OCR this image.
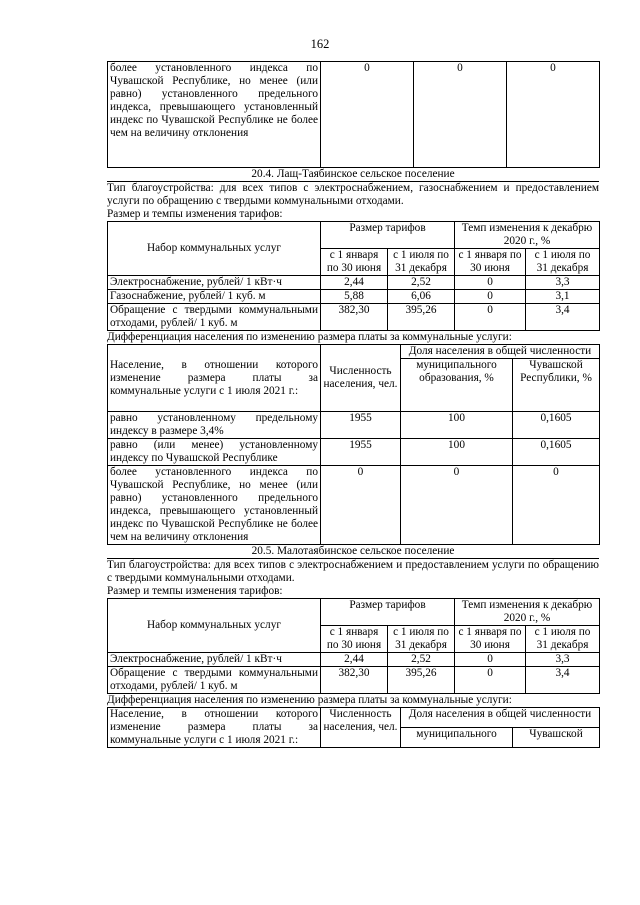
162
более установленного индекса по Чувашской Республике, но менее (или равно) установленного предельного индекса, превышающего установленный индекс по Чувашской Республике не более чем на величину отклонения	0	0	0
20.4. Лащ-Таябинское сельское поселение
Тип благоустройства: для всех типов с электроснабжением, газоснабжением и предоставлением услуги по обращению с твердыми коммунальными отходами.
Размер и темпы изменения тарифов:
Набор коммунальных услуг	Размер тарифов		Темп изменения к декабрю 2020 г., %	
	с 1 января по 30 июня	с 1 июля по 31 декабря	с 1 января по 30 июня	с 1 июля по 31 декабря
Электроснабжение, рублей/ 1 кВт·ч	2,44	2,52	0	3,3
Газоснабжение, рублей/ 1 куб. м	5,88	6,06	0	3,1
Обращение с твердыми коммунальными отходами, рублей/ 1 куб. м	382,30	395,26	0	3,4
Дифференциация населения по изменению размера платы за коммунальные услуги:
Население, в отношении которого изменение размера платы за коммунальные услуги с 1 июля 2021 г.:	Численность населения, чел.	Доля населения в общей численности	
		муниципального образования, %	Чувашской Республики, %
равно установленному предельному индексу в размере 3,4%	1955	100	0,1605
равно (или менее) установленному индексу по Чувашской Республике	1955	100	0,1605
более установленного индекса по Чувашской Республике, но менее (или равно) установленного предельного индекса, превышающего установленный индекс по Чувашской Республике не более чем на величину отклонения	0	0	0
20.5. Малотаябинское сельское поселение
Тип благоустройства: для всех типов с электроснабжением и предоставлением услуги по обращению с твердыми коммунальными отходами.
Размер и темпы изменения тарифов:
Набор коммунальных услуг	Размер тарифов		Темп изменения к декабрю 2020 г., %	
	с 1 января по 30 июня	с 1 июля по 31 декабря	с 1 января по 30 июня	с 1 июля по 31 декабря
Электроснабжение, рублей/ 1 кВт·ч	2,44	2,52	0	3,3
Обращение с твердыми коммунальными отходами, рублей/ 1 куб. м	382,30	395,26	0	3,4
Дифференциация населения по изменению размера платы за коммунальные услуги:
Население, в отношении которого изменение размера платы за коммунальные услуги с 1 июля 2021 г.:	Численность населения, чел.	Доля населения в общей численности	
		муниципального	Чувашской
